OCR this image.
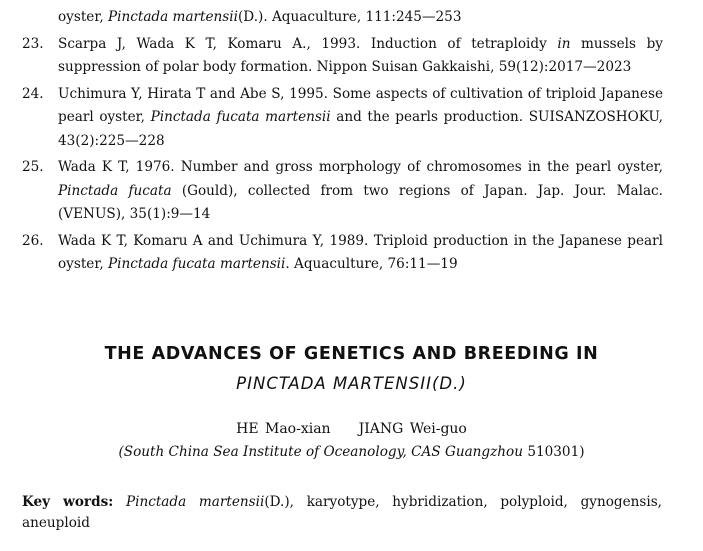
oyster, Pinctada martensii(D.). Aquaculture, 111:245—253
23. Scarpa J, Wada K T, Komaru A., 1993. Induction of tetraploidy in mussels by suppression of polar body formation. Nippon Suisan Gakkaishi, 59(12):2017—2023
24. Uchimura Y, Hirata T and Abe S, 1995. Some aspects of cultivation of triploid Japanese pearl oyster, Pinctada fucata martensii and the pearls production. SUISANZOSHOKU, 43(2):225—228
25. Wada K T, 1976. Number and gross morphology of chromosomes in the pearl oyster, Pinctada fucata (Gould), collected from two regions of Japan. Jap. Jour. Malac. (VENUS), 35(1):9—14
26. Wada K T, Komaru A and Uchimura Y, 1989. Triploid production in the Japanese pearl oyster, Pinctada fucata martensii. Aquaculture, 76:11—19
THE ADVANCES OF GENETICS AND BREEDING IN
PINCTADA MARTENSII(D.)
HE Mao-xian JIANG Wei-guo
(South China Sea Institute of Oceanology, CAS Guangzhou 510301)
Key words: Pinctada martensii(D.), karyotype, hybridization, polyploid, gynogensis, aneuploid
